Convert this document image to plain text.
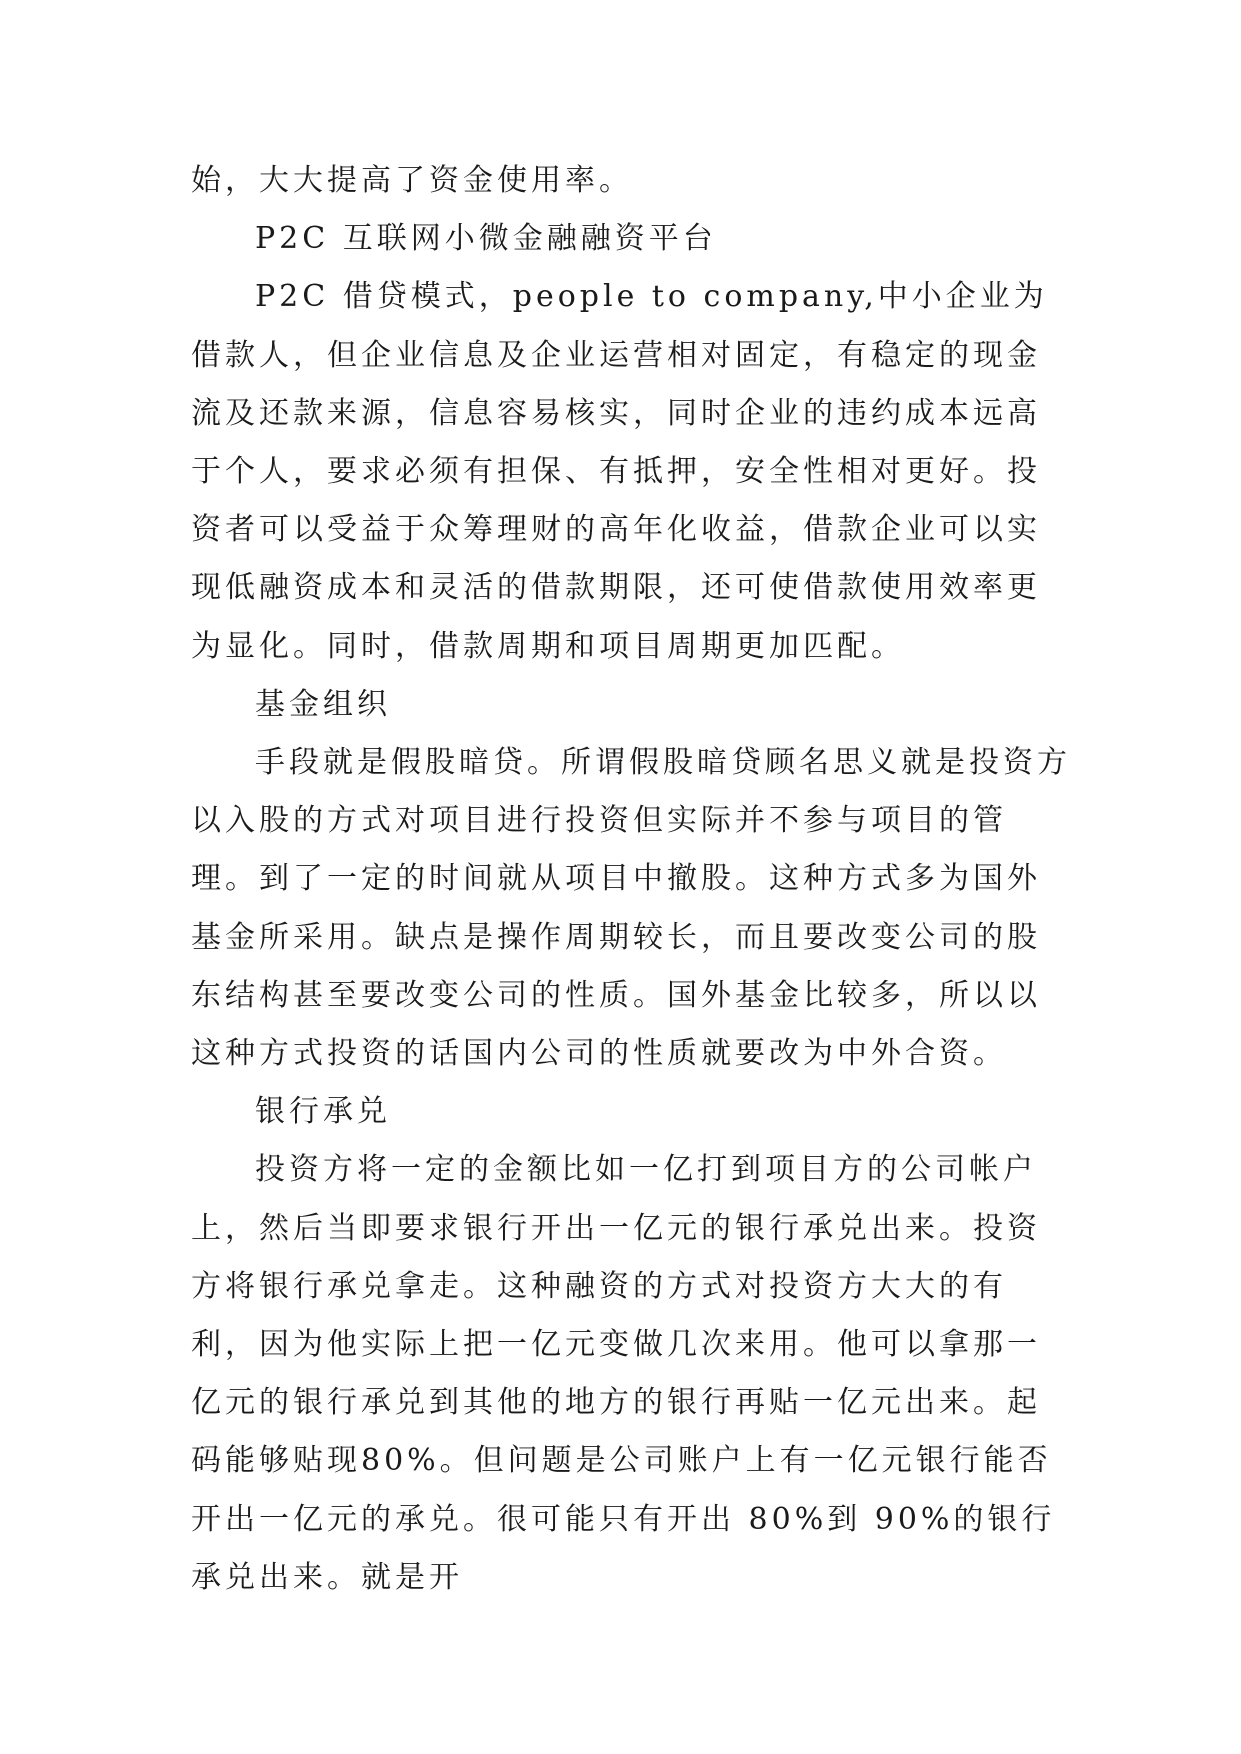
始，大大提高了资金使用率。

P2C 互联网小微金融融资平台

P2C 借贷模式，people to company,中小企业为借款人，但企业信息及企业运营相对固定，有稳定的现金流及还款来源，信息容易核实，同时企业的违约成本远高于个人，要求必须有担保、有抵押，安全性相对更好。投资者可以受益于众筹理财的高年化收益，借款企业可以实现低融资成本和灵活的借款期限，还可使借款使用效率更为显化。同时，借款周期和项目周期更加匹配。

基金组织

手段就是假股暗贷。所谓假股暗贷顾名思义就是投资方以入股的方式对项目进行投资但实际并不参与项目的管理。到了一定的时间就从项目中撤股。这种方式多为国外基金所采用。缺点是操作周期较长，而且要改变公司的股东结构甚至要改变公司的性质。国外基金比较多，所以以这种方式投资的话国内公司的性质就要改为中外合资。

银行承兑

投资方将一定的金额比如一亿打到项目方的公司帐户上，然后当即要求银行开出一亿元的银行承兑出来。投资方将银行承兑拿走。这种融资的方式对投资方大大的有利，因为他实际上把一亿元变做几次来用。他可以拿那一亿元的银行承兑到其他的地方的银行再贴一亿元出来。起码能够贴现80%。但问题是公司账户上有一亿元银行能否开出一亿元的承兑。很可能只有开出 80%到 90%的银行承兑出来。就是开
